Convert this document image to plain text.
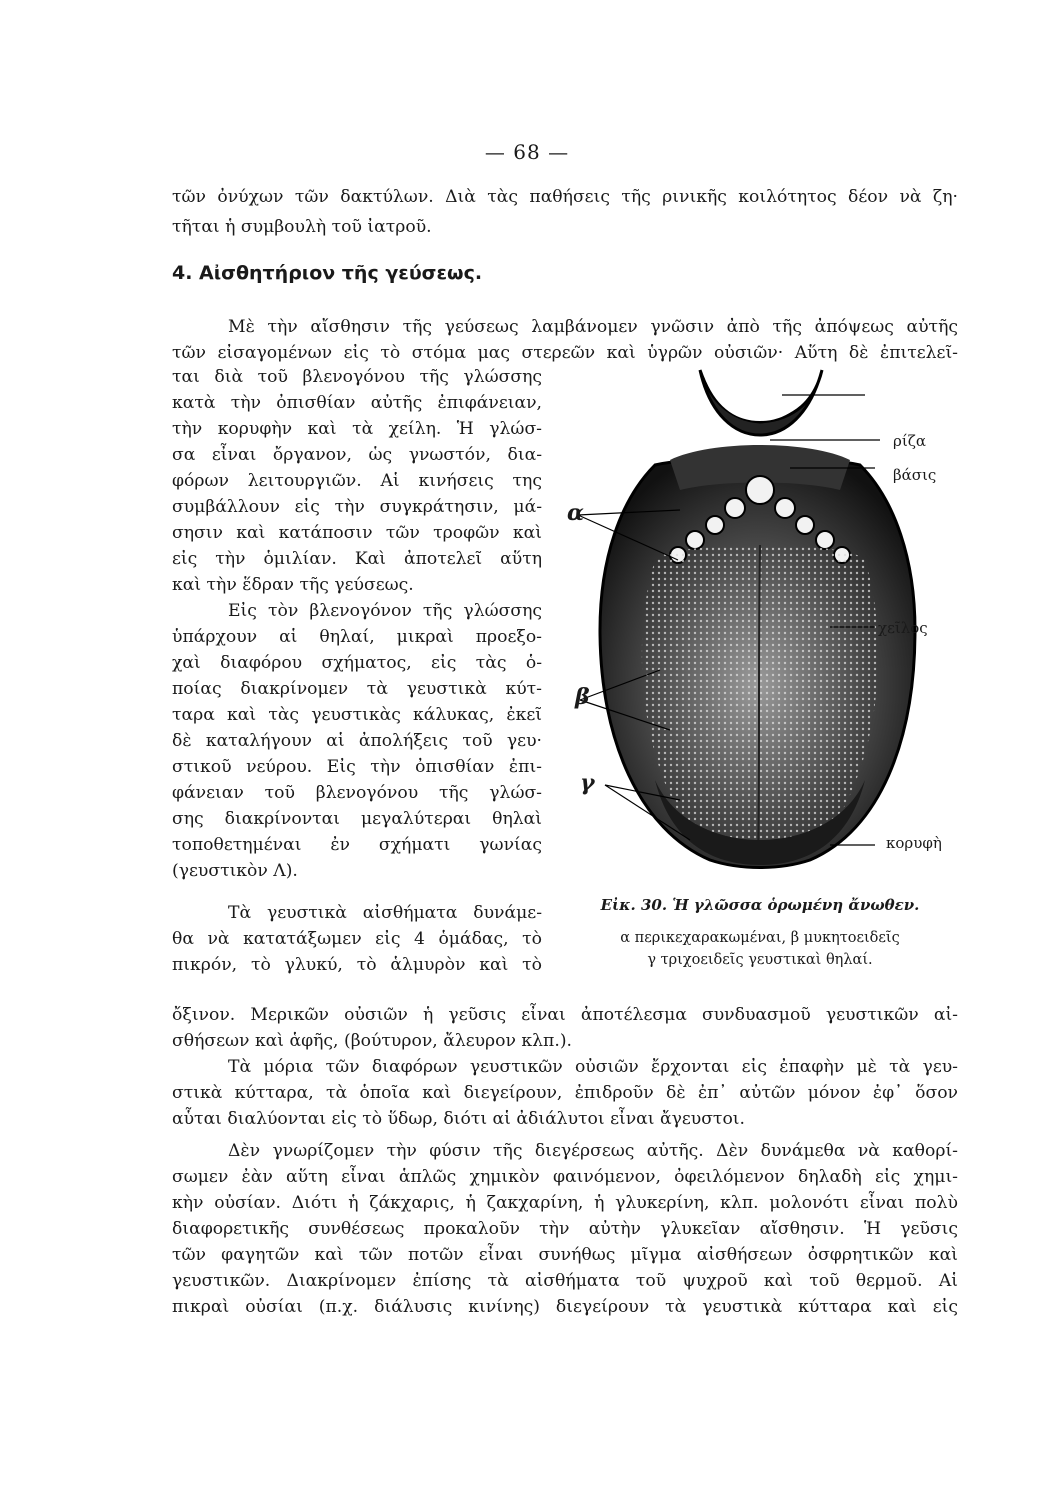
— 68 —
τῶν ὀνύχων τῶν δακτύλων. Διὰ τὰς παθήσεις τῆς ρινικῆς κοιλότητος δέον νὰ ζη·
τῆται ἡ συμβουλὴ τοῦ ἰατροῦ.
4. Αἰσθητήριον τῆς γεύσεως.
Μὲ τὴν αἴσθησιν τῆς γεύσεως λαμβάνομεν γνῶσιν ἀπὸ τῆς ἀπόψεως αὐτῆς
τῶν εἰσαγομένων εἰς τὸ στόμα μας στερεῶν καὶ ὑγρῶν οὐσιῶν· Αὕτη δὲ ἐπιτελεῖ-
ται διὰ τοῦ βλενογόνου τῆς γλώσσης
κατὰ τὴν ὀπισθίαν αὐτῆς ἐπιφάνειαν,
τὴν κορυφὴν καὶ τὰ χείλη. Ἡ γλώσ-
σα εἶναι ὄργανον, ὡς γνωστόν, δια-
φόρων λειτουργιῶν. Αἱ κινήσεις της
συμβάλλουν εἰς τὴν συγκράτησιν, μά-
σησιν καὶ κατάποσιν τῶν τροφῶν καὶ
εἰς τὴν ὁμιλίαν. Καὶ ἀποτελεῖ αὕτη
καὶ τὴν ἕδραν τῆς γεύσεως.
Εἰς τὸν βλενογόνον τῆς γλώσσης
ὑπάρχουν αἱ θηλαί, μικραὶ προεξο-
χαὶ διαφόρου σχήματος, εἰς τὰς ὁ-
ποίας διακρίνομεν τὰ γευστικὰ κύτ-
ταρα καὶ τὰς γευστικὰς κάλυκας, ἐκεῖ
δὲ καταλήγουν αἱ ἀπολήξεις τοῦ γευ·
στικοῦ νεύρου. Εἰς τὴν ὀπισθίαν ἐπι-
φάνειαν τοῦ βλενογόνου τῆς γλώσ-
σης διακρίνονται μεγαλύτεραι θηλαὶ
τοποθετημέναι ἐν σχήματι γωνίας
(γευστικὸν Λ).
Τὰ γευστικὰ αἰσθήματα δυνάμε-
θα νὰ κατατάξωμεν εἰς 4 ὁμάδας, τὸ
πικρόν, τὸ γλυκύ, τὸ ἁλμυρὸν καὶ τὸ
ὄξινον. Μερικῶν οὐσιῶν ἡ γεῦσις εἶναι ἀποτέλεσμα συνδυασμοῦ γευστικῶν αἰ-
σθήσεων καὶ ἁφῆς, (βούτυρον, ἄλευρον κλπ.).
Τὰ μόρια τῶν διαφόρων γευστικῶν οὐσιῶν ἔρχονται εἰς ἐπαφὴν μὲ τὰ γευ-
στικὰ κύτταρα, τὰ ὁποῖα καὶ διεγείρουν, ἐπιδροῦν δὲ ἐπ᾽ αὐτῶν μόνον ἐφ᾽ ὅσον
αὗται διαλύονται εἰς τὸ ὕδωρ, διότι αἱ ἀδιάλυτοι εἶναι ἄγευστοι.
Δὲν γνωρίζομεν τὴν φύσιν τῆς διεγέρσεως αὐτῆς. Δὲν δυνάμεθα νὰ καθορί-
σωμεν ἐὰν αὕτη εἶναι ἁπλῶς χημικὸν φαινόμενον, ὀφειλόμενον δηλαδὴ εἰς χημι-
κὴν οὐσίαν. Διότι ἡ ζάκχαρις, ἡ ζακχαρίνη, ἡ γλυκερίνη, κλπ. μολονότι εἶναι πολὺ
διαφορετικῆς συνθέσεως προκαλοῦν τὴν αὐτὴν γλυκεῖαν αἴσθησιν. Ἡ γεῦσις
τῶν φαγητῶν καὶ τῶν ποτῶν εἶναι συνήθως μῖγμα αἰσθήσεων ὀσφρητικῶν καὶ
γευστικῶν. Διακρίνομεν ἐπίσης τὰ αἰσθήματα τοῦ ψυχροῦ καὶ τοῦ θερμοῦ. Αἱ
πικραὶ οὐσίαι (π.χ. διάλυσις κινίνης) διεγείρουν τὰ γευστικὰ κύτταρα καὶ εἰς
ρίζα
βάσις
χεῖλος
κορυφὴ
α
β
γ
Εἰκ. 30. Ἡ γλῶσσα ὁρωμένη ἄνωθεν.
α περικεχαρακωμέναι, β μυκητοειδεῖς
γ τριχοειδεῖς γευστικαὶ θηλαί.
